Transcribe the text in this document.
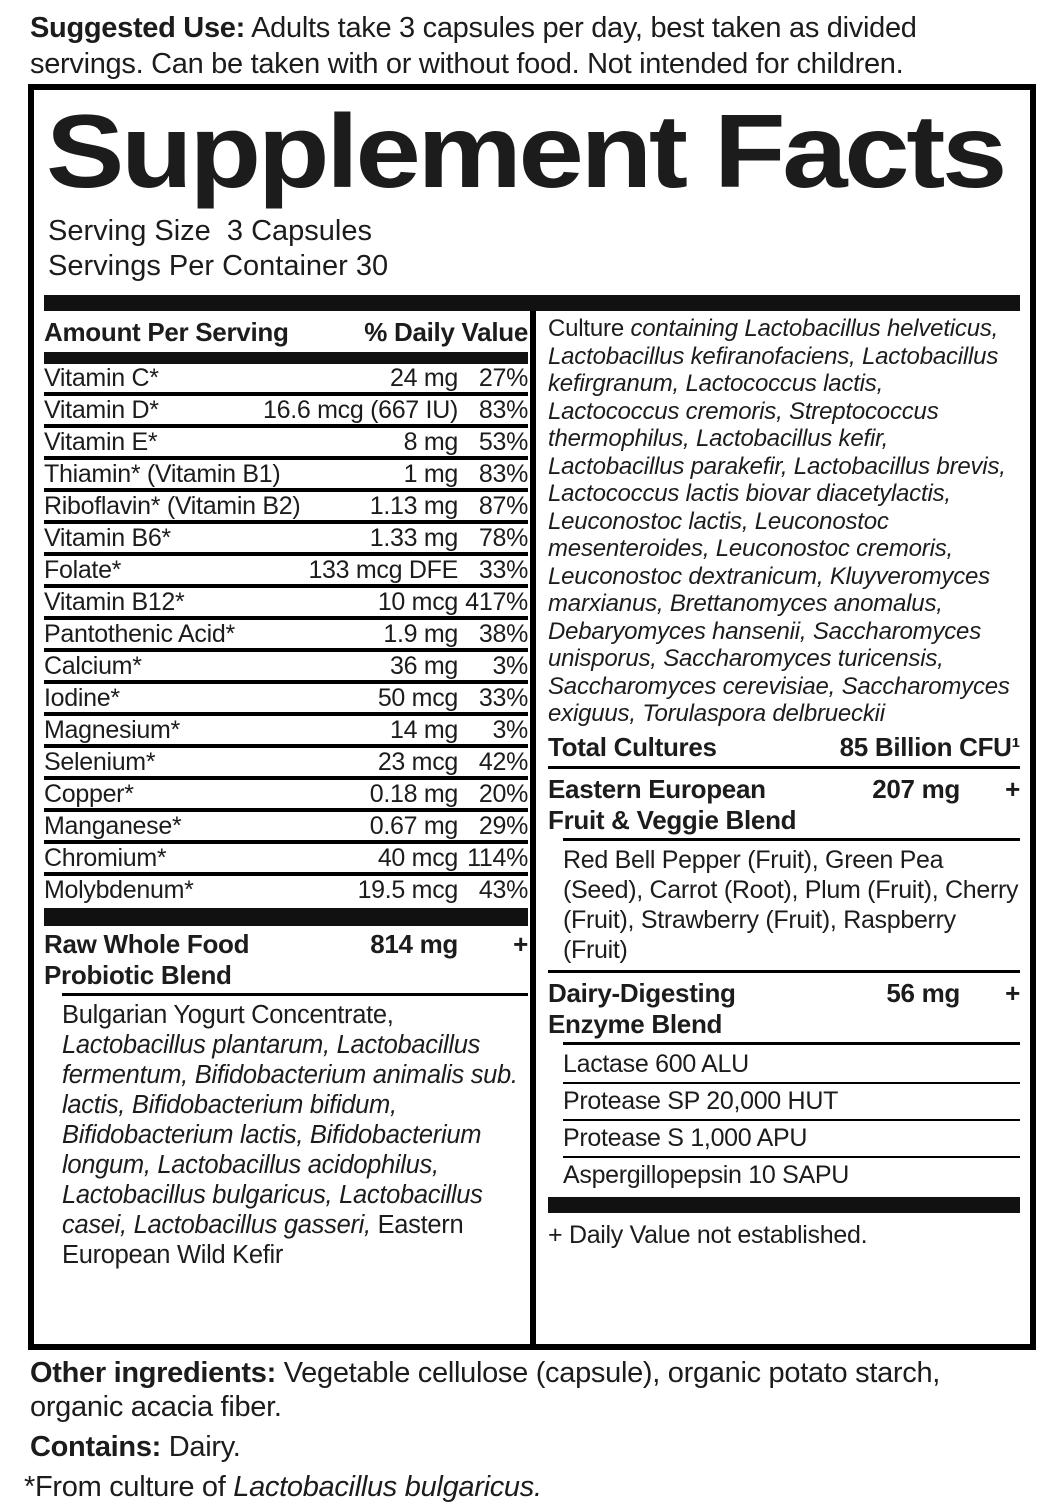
Suggested Use: Adults take 3 capsules per day, best taken as divided servings. Can be taken with or without food. Not intended for children.

Supplement Facts

Serving Size  3 Capsules

Servings Per Container 30

Amount Per Serving	% Daily Value
Vitamin C*	24 mg 27%
Vitamin D*	16.6 mcg (667 IU) 83%
Vitamin E*	8 mg 53%
Thiamin* (Vitamin B1)	1 mg 83%
Riboflavin* (Vitamin B2)	1.13 mg 87%
Vitamin B6*	1.33 mg 78%
Folate*	133 mcg DFE 33%
Vitamin B12*	10 mcg 417%
Pantothenic Acid*	1.9 mg 38%
Calcium*	36 mg	3%
Iodine*	50 mcg 33%
Magnesium*	14 mg	3%
Selenium*	23 mcg 42%
Copper*	0.18 mg 20%
Manganese*	0.67 mg 29%
Chromium*	40 mcg 114%
Molybdenum*	19.5 mcg 43%
Raw Whole Food
Probiotic Blend
814 mg	+

Bulgarian Yogurt Concentrate, Lactobacillus plantarum, Lactobacillus fermentum, Bifidobacterium animalis sub. lactis, Bifidobacterium bifidum, Bifidobacterium lactis, Bifidobacterium longum, Lactobacillus acidophilus, Lactobacillus bulgaricus, Lactobacillus casei, Lactobacillus gasseri, Eastern European Wild Kefir

Culture containing Lactobacillus helveticus, Lactobacillus kefiranofaciens, Lactobacillus kefirgranum, Lactococcus lactis, Lactococcus cremoris, Streptococcus thermophilus, Lactobacillus kefir, Lactobacillus parakefir, Lactobacillus brevis, Lactococcus lactis biovar diacetylactis, Leuconostoc lactis, Leuconostoc mesenteroides, Leuconostoc cremoris, Leuconostoc dextranicum, Kluyveromyces marxianus, Brettanomyces anomalus, Debaryomyces hansenii, Saccharomyces unisporus, Saccharomyces turicensis, Saccharomyces cerevisiae, Saccharomyces exiguus, Torulaspora delbrueckii

Total Cultures	85 Billion CFU¹
Eastern European
Fruit & Veggie Blend
207 mg	+

Red Bell Pepper (Fruit), Green Pea (Seed), Carrot (Root), Plum (Fruit), Cherry (Fruit), Strawberry (Fruit), Raspberry (Fruit)

Dairy-Digesting
Enzyme Blend
56 mg	+
Lactase 600 ALU
Protease SP 20,000 HUT
Protease S 1,000 APU
Aspergillopepsin 10 SAPU

+ Daily Value not established.

Other ingredients: Vegetable cellulose (capsule), organic potato starch, organic acacia fiber.

Contains: Dairy.

*From culture of Lactobacillus bulgaricus.
